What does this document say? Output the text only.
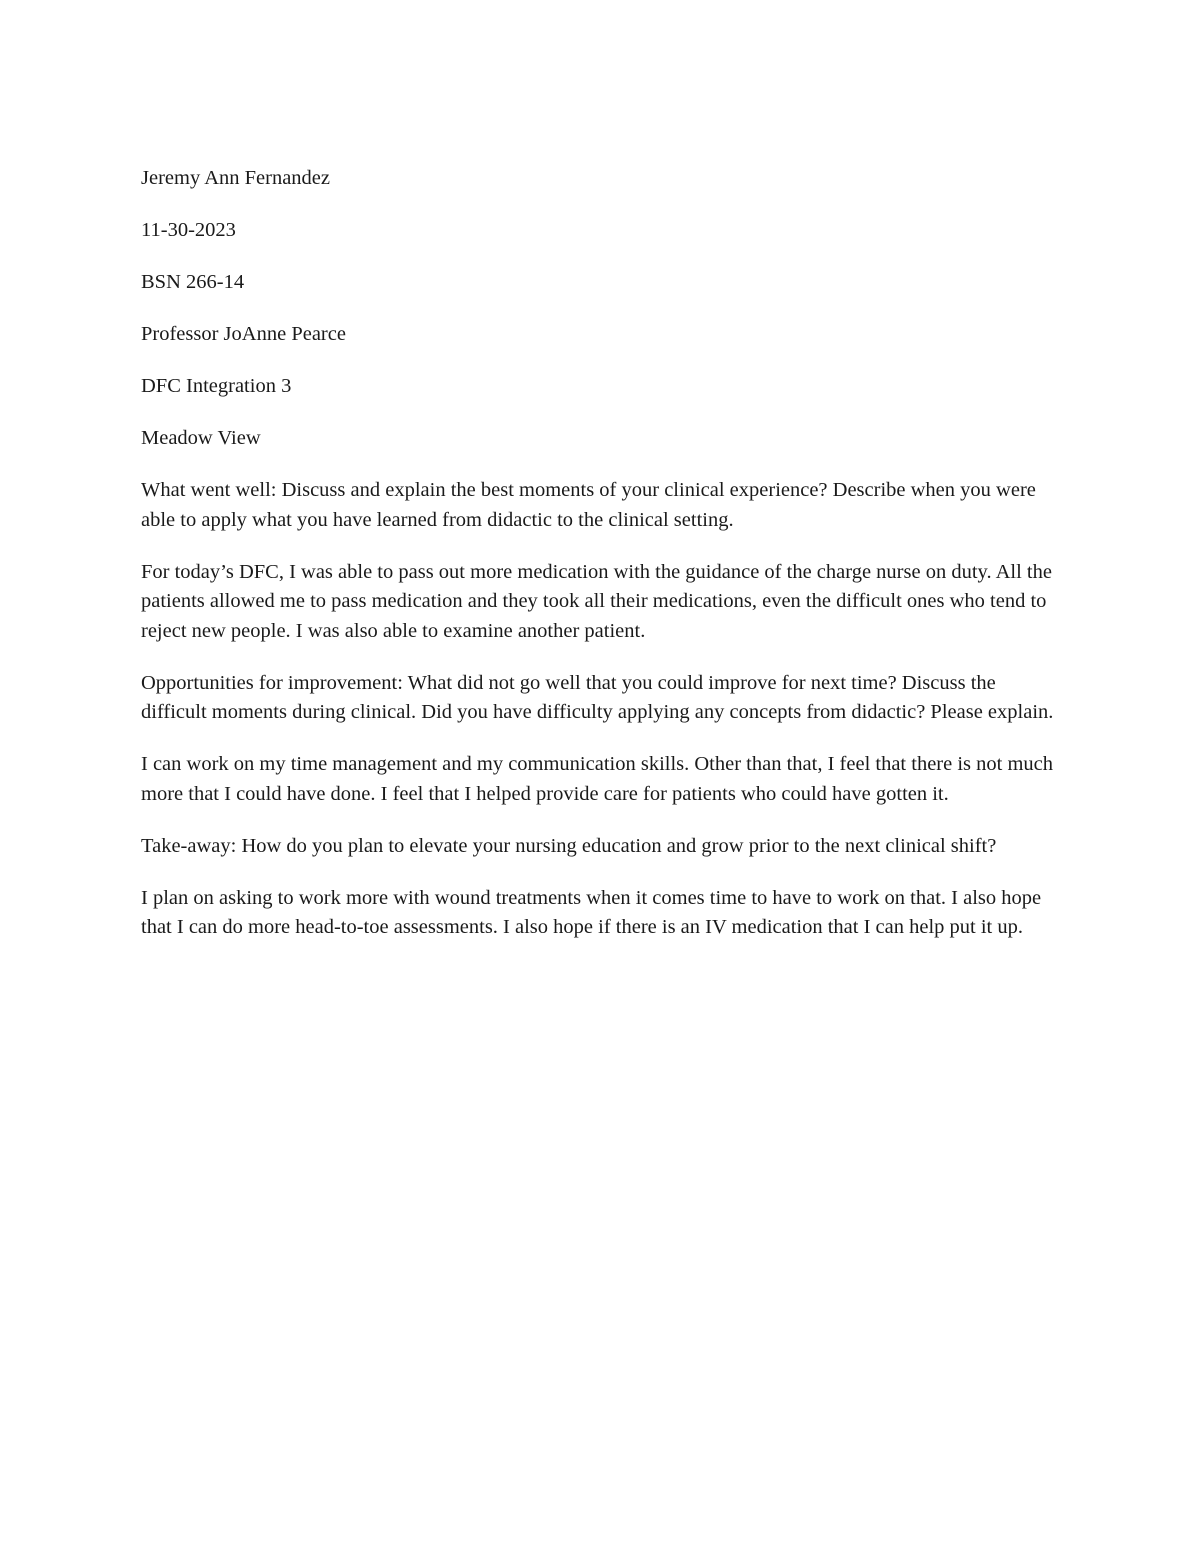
Jeremy Ann Fernandez

11-30-2023

BSN 266-14

Professor JoAnne Pearce

DFC Integration 3

Meadow View

What went well: Discuss and explain the best moments of your clinical experience? Describe when you were able to apply what you have learned from didactic to the clinical setting.

For today’s DFC, I was able to pass out more medication with the guidance of the charge nurse on duty. All the patients allowed me to pass medication and they took all their medications, even the difficult ones who tend to reject new people. I was also able to examine another patient.

Opportunities for improvement: What did not go well that you could improve for next time? Discuss the difficult moments during clinical. Did you have difficulty applying any concepts from didactic? Please explain.

I can work on my time management and my communication skills. Other than that, I feel that there is not much more that I could have done. I feel that I helped provide care for patients who could have gotten it.

Take-away: How do you plan to elevate your nursing education and grow prior to the next clinical shift?

I plan on asking to work more with wound treatments when it comes time to have to work on that. I also hope that I can do more head-to-toe assessments. I also hope if there is an IV medication that I can help put it up.
